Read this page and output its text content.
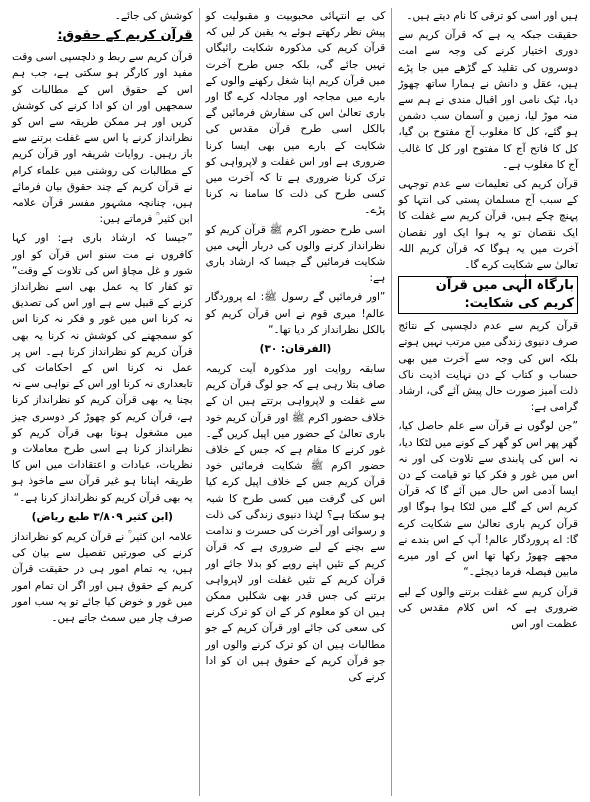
ہیں اور اسی کو ترقی کا نام دیتے ہیں۔

حقیقت جبکہ یہ ہے کہ قرآن کریم سے دوری اختیار کرنے کی وجہ سے امت دوسروں کی تقلید کے گڑھے میں جا پڑے ہیں، عقل و دانش نے ہمارا ساتھ چھوڑ دیا، ٹیک نامی اور اقبال مندی نے ہم سے منہ موڑ لیا، زمین و آسمان سب دشمن ہو گئے، کل کا مغلوب آج مفتوح بن گیا، کل کا فاتح آج کا مفتوح اور کل کا غالب آج کا مغلوب ہے۔

قرآن کریم کی تعلیمات سے عدم توجہی کے سبب آج مسلمان پستی کی انتہا کو پہنچ چکے ہیں، قرآن کریم سے غفلت کا ایک نقصان تو یہ ہوا ایک اور نقصان آخرت میں یہ ہوگا کہ قرآن کریم اللہ تعالیٰ سے شکایت کرے گا۔

بارگاہ الٰہی میں قرآن کریم کی شکایت:

قرآن کریم سے عدم دلچسپی کے نتائج صرف دنیوی زندگی میں مرتب نہیں ہوتے بلکہ اس کی وجہ سے آخرت میں بھی حساب و کتاب کے دن نہایت اذیت ناک ذلت آمیز صورت حال پیش آئے گی، ارشاد گرامی ہے:

”جن لوگوں نے قرآن سے علم حاصل کیا، گھر پھر اس کو گھر کے کونے میں لٹکا دیا، نہ اس کی پابندی سے تلاوت کی اور نہ اس میں غور و فکر کیا تو قیامت کے دن ایسا آدمی اس حال میں آئے گا کہ قرآن کریم اس کے گلے میں لٹکا ہوا ہوگا اور قرآن کریم باری تعالیٰ سے شکایت کرے گا: اے پروردگار عالم! آپ کے اس بندے نے مجھے چھوڑ رکھا تھا اس کے اور میرے مابین فیصلہ فرما دیجئے۔“

قرآن کریم سے غفلت برتنے والوں کے لیے ضروری ہے کہ اس کلام مقدس کی عظمت اور اس

کی بے انتہائی محبوبیت و مقبولیت کو پیش نظر رکھتے ہوئے یہ یقین کر لیں کہ قرآن کریم کی مذکورہ شکایت رائیگاں نہیں جائے گی، بلکہ جس طرح آخرت میں قرآن کریم اپنا شغل رکھنے والوں کے بارے میں مجاجہ اور مجادلہ کرے گا اور باری تعالیٰ اس کی سفارش فرمائیں گے بالکل اسی طرح قرآن مقدس کی شکایت کے بارے میں بھی ایسا کرنا ضروری ہے اور اس غفلت و لاپرواہی کو ترک کرنا ضروری ہے تا کہ آخرت میں کسی طرح کی ذلت کا سامنا نہ کرنا پڑے۔

اسی طرح حضور اکرم ﷺ قرآن کریم کو نظرانداز کرنے والوں کی دربار الٰہی میں شکایت فرمائیں گے جیسا کہ ارشاد باری ہے:

”اور فرمائیں گے رسول ﷺ: اے پروردگار عالم! میری قوم نے اس قرآن کریم کو بالکل نظرانداز کر دیا تھا۔“

(الفرقان: ۳۰)

سابقہ روایت اور مذکورہ آیت کریمہ صاف بتلا رہی ہے کہ جو لوگ قرآن کریم سے غفلت و لاپرواہی برتتے ہیں ان کے خلاف حضور اکرم ﷺ اور قرآن کریم خود باری تعالیٰ کے حضور میں اپیل کریں گے۔ غور کرنے کا مقام ہے کہ جس کے خلاف حضور اکرم ﷺ شکایت فرمائیں خود قرآن کریم جس کے خلاف اپیل کرے کیا اس کی گرفت میں کسی طرح کا شبہ ہو سکتا ہے؟ لہٰذا دنیوی زندگی کی ذلت و رسوائی اور آخرت کی حسرت و ندامت سے بچنے کے لیے ضروری ہے کہ قرآن کریم کے تئیں اپنے رویے کو بدلا جائے اور قرآن کریم کے تئیں غفلت اور لاپرواہی برتنے کی جس قدر بھی شکلیں ممکن ہیں ان کو معلوم کر کے ان کو ترک کرنے کی سعی کی جائے اور قرآن کریم کے جو مطالبات ہیں ان کو ترک کرنے والوں اور جو قرآن کریم کے حقوق ہیں ان کو ادا کرنے کی

کوشش کی جائے۔

قرآن کریم کے حقوق:

قرآن کریم سے ربط و دلچسپی اسی وقت مفید اور کارگر ہو سکتی ہے، جب ہم اس کے حقوق اس کے مطالبات کو سمجھیں اور ان کو ادا کرنے کی کوشش کریں اور ہر ممکن طریقہ سے اس کو نظرانداز کرنے یا اس سے غفلت برتنے سے باز رہیں۔ روایات شریفہ اور قرآن کریم کے مطالبات کی روشنی میں علماء کرام نے قرآن کریم کے چند حقوق بیان فرمائے ہیں، چنانچہ مشہور مفسر قرآن علامہ ابن کثیر ؒ فرماتے ہیں:

”جیسا کہ ارشاد باری ہے: اور کہا کافروں نے مت سنو اس قرآن کو اور شور و غل مچاؤ اس کی تلاوت کے وقت“ تو کفار کا یہ عمل بھی اسے نظرانداز کرنے کے قبیل سے ہے اور اس کی تصدیق نہ کرنا اس میں غور و فکر نہ کرنا اس کو سمجھنے کی کوشش نہ کرنا یہ بھی قرآن کریم کو نظرانداز کرنا ہے۔ اس پر عمل نہ کرنا اس کے احکامات کی تابعداری نہ کرنا اور اس کے نواہی سے نہ بچنا یہ بھی قرآن کریم کو نظرانداز کرنا ہے، قرآن کریم کو چھوڑ کر دوسری چیز میں مشغول ہونا بھی قرآن کریم کو نظرانداز کرنا ہے اسی طرح معاملات و نظریات، عبادات و اعتقادات میں اس کا طریقہ اپنانا ہو غیر قرآن سے ماخوذ ہو یہ بھی قرآن کریم کو نظرانداز کرنا ہے۔“

(ابن کثیر ۳/۸۰۹ طبع ریاض)

علامہ ابن کثیر ؒ نے قرآن کریم کو نظرانداز کرنے کی صورتیں تفصیل سے بیان کی ہیں، یہ تمام امور ہی در حقیقت قرآن کریم کے حقوق ہیں اور اگر ان تمام امور میں غور و خوض کیا جائے تو یہ سب امور صرف چار میں سمٹ جاتے ہیں۔
